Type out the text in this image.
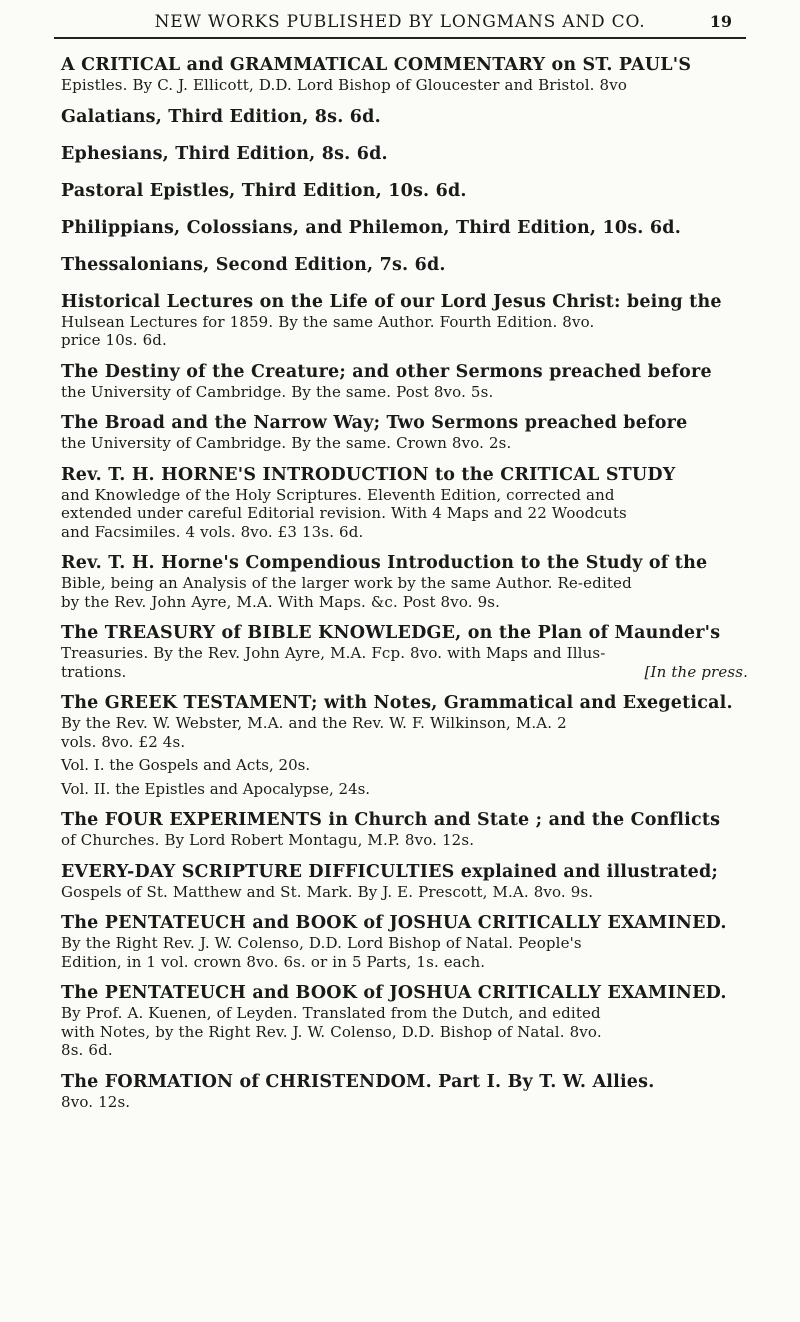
NEW WORKS PUBLISHED BY LONGMANS AND CO.	19
A CRITICAL and GRAMMATICAL COMMENTARY on ST. PAUL'S
Epistles. By C. J. Ellicott, D.D. Lord Bishop of Gloucester and Bristol. 8vo
Galatians, Third Edition, 8s. 6d.
Ephesians, Third Edition, 8s. 6d.
Pastoral Epistles, Third Edition, 10s. 6d.
Philippians, Colossians, and Philemon, Third Edition, 10s. 6d.
Thessalonians, Second Edition, 7s. 6d.
Historical Lectures on the Life of our Lord Jesus Christ: being the
Hulsean Lectures for 1859. By the same Author. Fourth Edition. 8vo.
price 10s. 6d.
The Destiny of the Creature; and other Sermons preached before
the University of Cambridge. By the same. Post 8vo. 5s.
The Broad and the Narrow Way; Two Sermons preached before
the University of Cambridge. By the same. Crown 8vo. 2s.
Rev. T. H. HORNE'S INTRODUCTION to the CRITICAL STUDY
and Knowledge of the Holy Scriptures. Eleventh Edition, corrected and
extended under careful Editorial revision. With 4 Maps and 22 Woodcuts
and Facsimiles. 4 vols. 8vo. £3 13s. 6d.
Rev. T. H. Horne's Compendious Introduction to the Study of the
Bible, being an Analysis of the larger work by the same Author. Re-edited
by the Rev. John Ayre, M.A. With Maps. &c. Post 8vo. 9s.
The TREASURY of BIBLE KNOWLEDGE, on the Plan of Maunder's
Treasuries. By the Rev. John Ayre, M.A. Fcp. 8vo. with Maps and Illus-
trations.	[In the press.
The GREEK TESTAMENT; with Notes, Grammatical and Exegetical.
By the Rev. W. Webster, M.A. and the Rev. W. F. Wilkinson, M.A. 2
vols. 8vo. £2 4s.
Vol. I. the Gospels and Acts, 20s.
Vol. II. the Epistles and Apocalypse, 24s.
The FOUR EXPERIMENTS in Church and State ; and the Conflicts
of Churches. By Lord Robert Montagu, M.P. 8vo. 12s.
EVERY-DAY SCRIPTURE DIFFICULTIES explained and illustrated;
Gospels of St. Matthew and St. Mark. By J. E. Prescott, M.A. 8vo. 9s.
The PENTATEUCH and BOOK of JOSHUA CRITICALLY EXAMINED.
By the Right Rev. J. W. Colenso, D.D. Lord Bishop of Natal. People's
Edition, in 1 vol. crown 8vo. 6s. or in 5 Parts, 1s. each.
The PENTATEUCH and BOOK of JOSHUA CRITICALLY EXAMINED.
By Prof. A. Kuenen, of Leyden. Translated from the Dutch, and edited
with Notes, by the Right Rev. J. W. Colenso, D.D. Bishop of Natal. 8vo.
8s. 6d.
The FORMATION of CHRISTENDOM. Part I. By T. W. Allies.
8vo. 12s.
